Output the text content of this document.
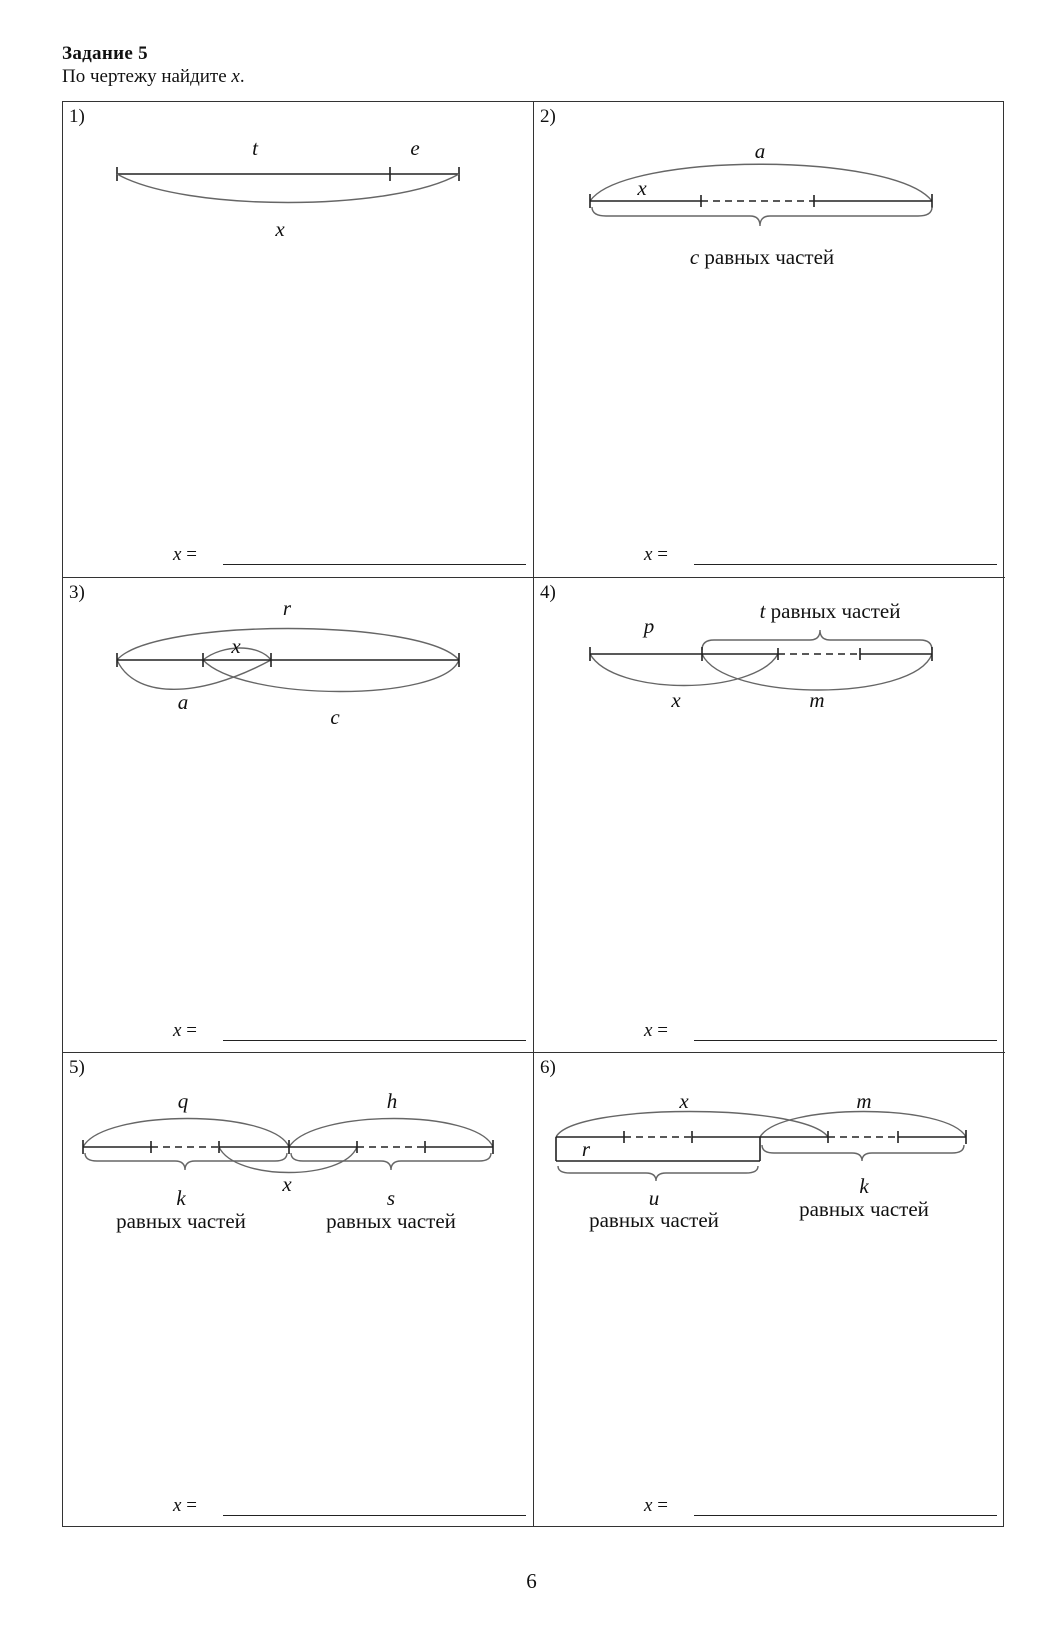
Задание 5
По чертежу найдите x.
1)
t	e
x
x =
2)
a
x
c равных частей
x =
3)
r
x
a
c
x =
4)
p
t равных частей
x	m
x =
5)
q	h
x
k
равных частей
s
равных частей
x =
6)
x	m
r
u
равных частей
k
равных частей
x =
6
